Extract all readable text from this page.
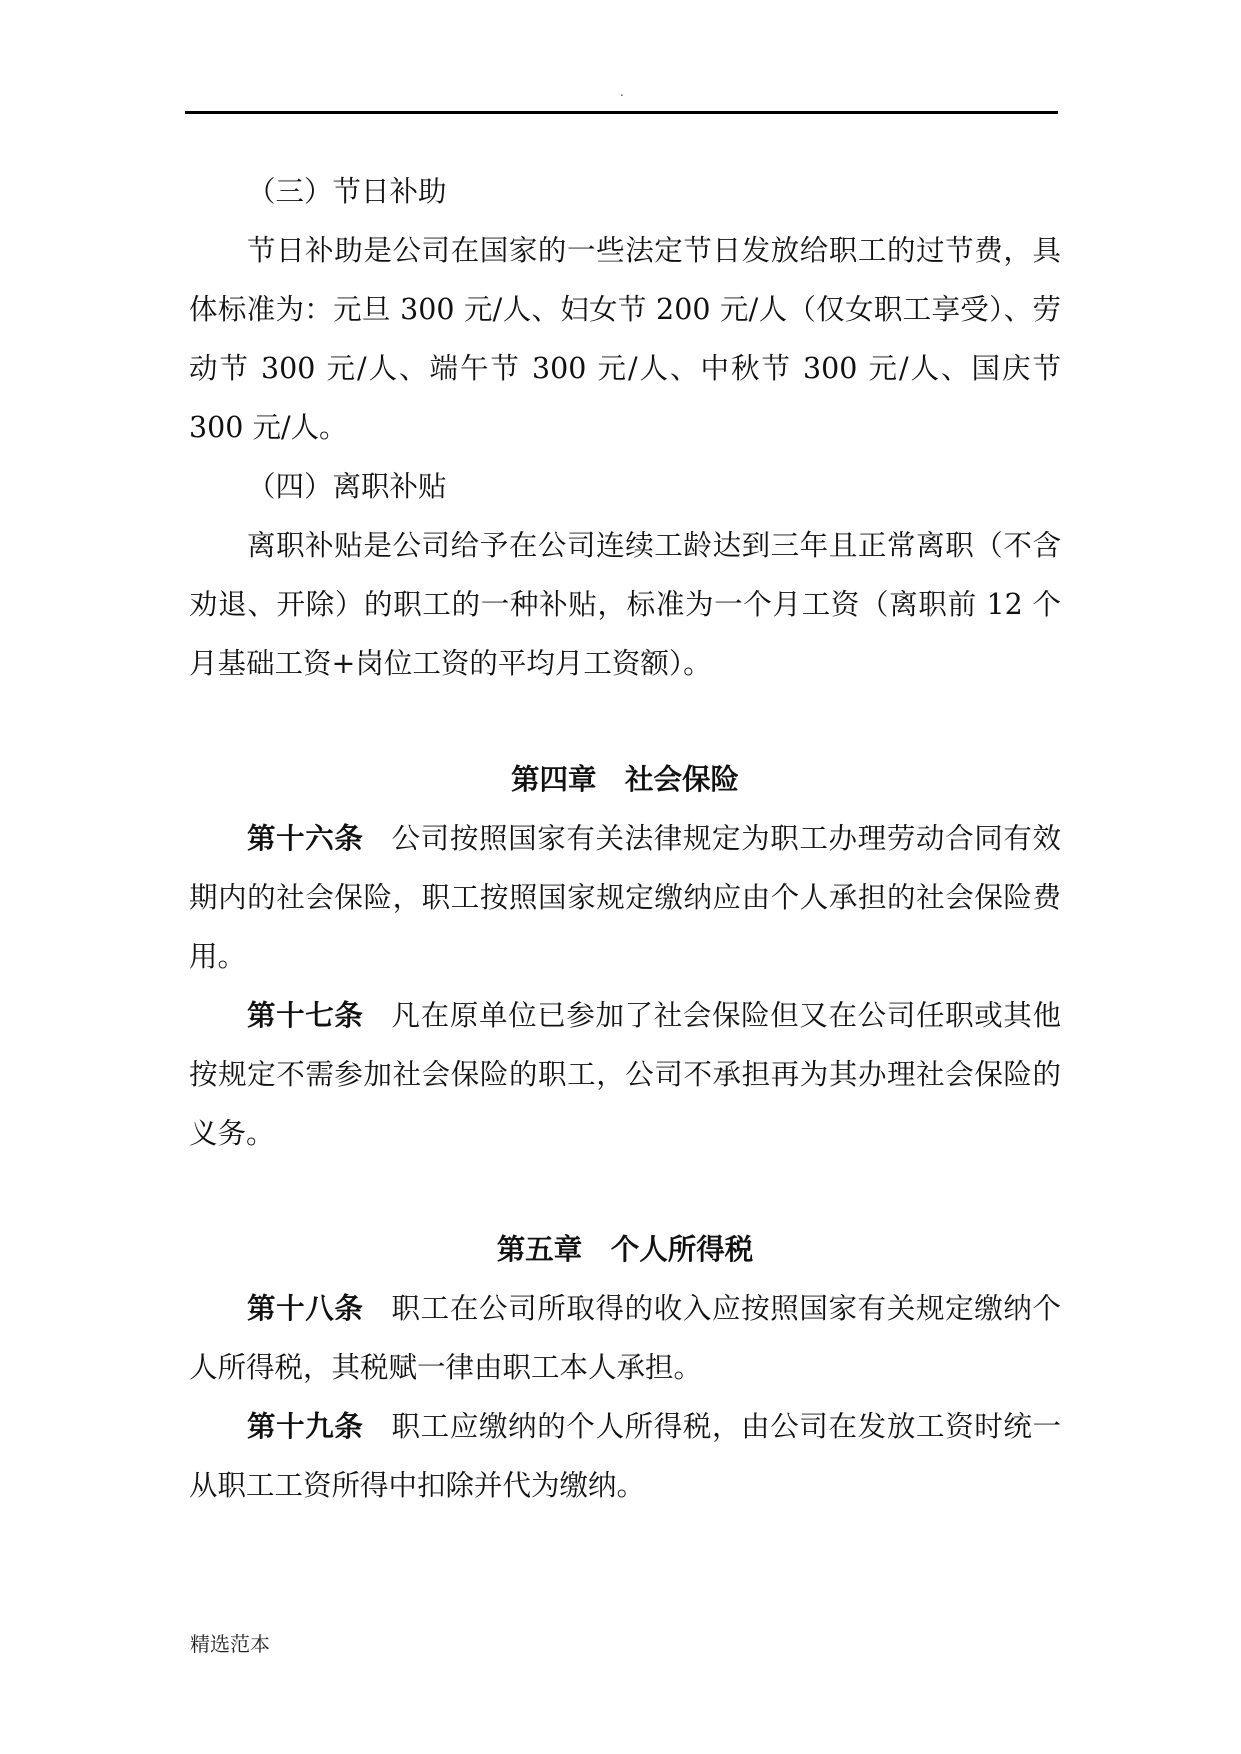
.

（三）节日补助

节日补助是公司在国家的一些法定节日发放给职工的过节费，具体标准为：元旦 300 元/人、妇女节 200 元/人（仅女职工享受）、劳动节 300 元/人、端午节 300 元/人、中秋节 300 元/人、国庆节 300 元/人。

（四）离职补贴

离职补贴是公司给予在公司连续工龄达到三年且正常离职（不含劝退、开除）的职工的一种补贴，标准为一个月工资（离职前 12 个月基础工资+岗位工资的平均月工资额）。

第四章　社会保险

第十六条 公司按照国家有关法律规定为职工办理劳动合同有效期内的社会保险，职工按照国家规定缴纳应由个人承担的社会保险费用。

第十七条 凡在原单位已参加了社会保险但又在公司任职或其他按规定不需参加社会保险的职工，公司不承担再为其办理社会保险的义务。

第五章　个人所得税

第十八条 职工在公司所取得的收入应按照国家有关规定缴纳个人所得税，其税赋一律由职工本人承担。

第十九条 职工应缴纳的个人所得税，由公司在发放工资时统一从职工工资所得中扣除并代为缴纳。

精选范本
